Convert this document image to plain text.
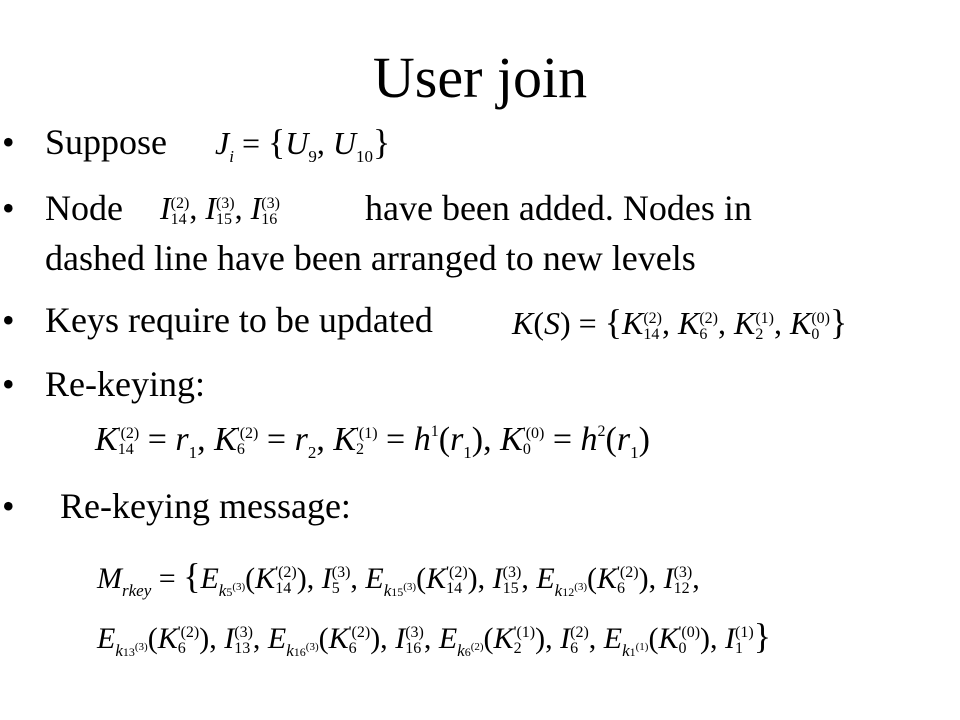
User join
• Suppose $J_i = \{U_9$, $U_{10}$}
• Node I (2)
14 , I (3)
15 , I (3)
16 have been added. Nodes in
dashed line have been arranged to new levels
• Keys require to be updated K(S) = {K (2)
14 , K (2)
6 , K (1)
2 , K (0)
0 }
• Re-keying:
K '(2)
$14 = r_1$, K '(2)
$6 = r_2$, K '(1)
$2 = h^1(r_1)$, K '(0)
$0 = h^2(r_1)$
• Re-keying message:
$M_{rkey} = \{E_{k5^{(3)}}(K$ '(2)
14 ), I (3)
5 , $E_{k15^{(3)}}(K$ '(2)
14 ), I (3)
15 , $E_{k12^{(3)}}(K$ '(2)
6 ), I (3)
12 ,
$E_{k13^{(3)}}(K$ '(2)
6 ), I (3)
13 , $E_{k16^{(3)}}(K$ '(2)
6 ), I (3)
16 , $E_{k6^{(2)}}(K$ '(1)
2 ), I (2)
6 , $E_{k1^{(1)}}(K$ '(0)
0 ), I (1)
1 }
